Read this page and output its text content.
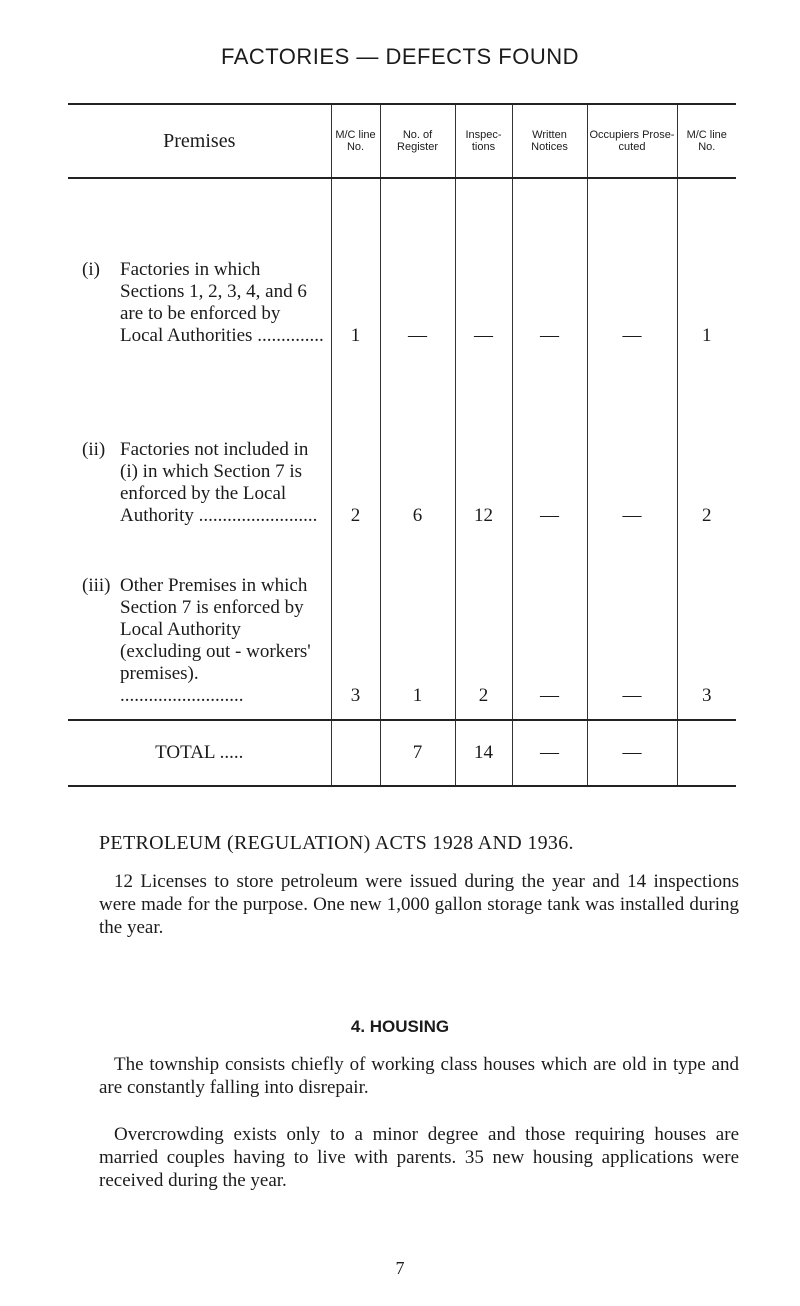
FACTORIES — DEFECTS FOUND
Premises	M/C line No.	No. of Register	Inspec- tions	Written Notices	Occupiers Prose- cuted	M/C line No.

(i) Factories in which Sections 1, 2, 3, 4, and 6 are to be enforced by Local Authorities ..............	1	—	—	—	—	1

(ii) Factories not included in (i) in which Section 7 is enforced by the Local Authority .........................	2	6	12	—	—	2

(iii) Other Premises in which Section 7 is enforced by Local Authority (excluding out - workers' premises). ..........................	3	1	2	—	—	3
TOTAL .....		7	14	—	—	
PETROLEUM (REGULATION) ACTS 1928 AND 1936.
12 Licenses to store petroleum were issued during the year and 14 inspections were made for the purpose. One new 1,000 gallon storage tank was installed during the year.
4. HOUSING
The township consists chiefly of working class houses which are old in type and are constantly falling into disrepair.
Overcrowding exists only to a minor degree and those requiring houses are married couples having to live with parents. 35 new housing applications were received during the year.
7
